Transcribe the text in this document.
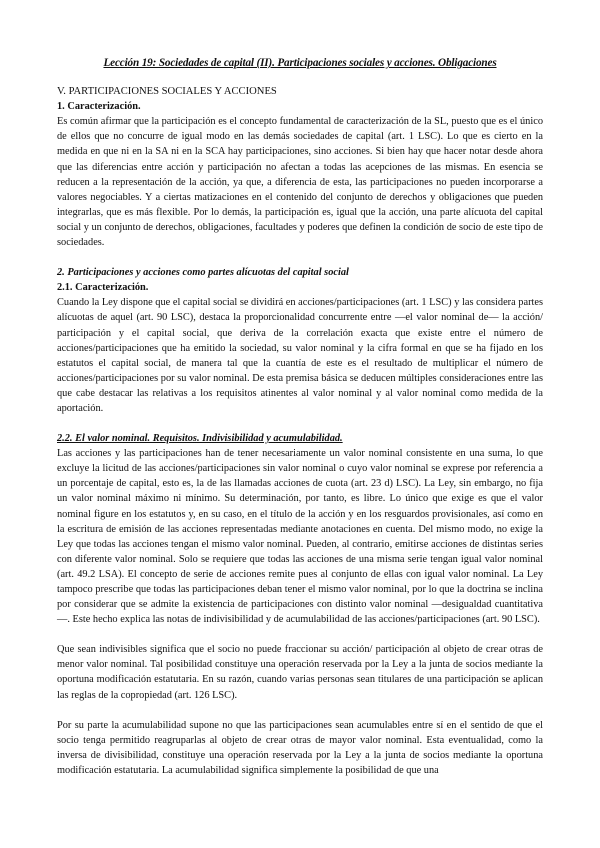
Lección 19: Sociedades de capital (II). Participaciones sociales y acciones. Obligaciones
V. PARTICIPACIONES SOCIALES Y ACCIONES
1. Caracterización.

Es común afirmar que la participación es el concepto fundamental de caracterización de la SL, puesto que es el único de ellos que no concurre de igual modo en las demás sociedades de capital (art. 1 LSC). Lo que es cierto en la medida en que ni en la SA ni en la SCA hay participaciones, sino acciones. Si bien hay que hacer notar desde ahora que las diferencias entre acción y participación no afectan a todas las acepciones de las mismas. En esencia se reducen a la representación de la acción, ya que, a diferencia de esta, las participaciones no pueden incorporarse a valores negociables. Y a ciertas matizaciones en el contenido del conjunto de derechos y obligaciones que pueden integrarlas, que es más flexible. Por lo demás, la participación es, igual que la acción, una parte alícuota del capital social y un conjunto de derechos, obligaciones, facultades y poderes que definen la condición de socio de este tipo de sociedades.

2. Participaciones y acciones como partes alícuotas del capital social
2.1. Caracterización.

Cuando la Ley dispone que el capital social se dividirá en acciones/participaciones (art. 1 LSC) y las considera partes alícuotas de aquel (art. 90 LSC), destaca la proporcionalidad concurrente entre —el valor nominal de— la acción/ participación y el capital social, que deriva de la correlación exacta que existe entre el número de acciones/participaciones que ha emitido la sociedad, su valor nominal y la cifra formal en que se ha fijado en los estatutos el capital social, de manera tal que la cuantía de este es el resultado de multiplicar el número de acciones/participaciones por su valor nominal. De esta premisa básica se deducen múltiples consideraciones entre las que cabe destacar las relativas a los requisitos atinentes al valor nominal y al valor nominal como medida de la aportación.

2.2. El valor nominal. Requisitos. Indivisibilidad y acumulabilidad.

Las acciones y las participaciones han de tener necesariamente un valor nominal consistente en una suma, lo que excluye la licitud de las acciones/participaciones sin valor nominal o cuyo valor nominal se exprese por referencia a un porcentaje de capital, esto es, la de las llamadas acciones de cuota (art. 23 d) LSC). La Ley, sin embargo, no fija un valor nominal máximo ni mínimo. Su determinación, por tanto, es libre. Lo único que exige es que el valor nominal figure en los estatutos y, en su caso, en el título de la acción y en los resguardos provisionales, así como en la escritura de emisión de las acciones representadas mediante anotaciones en cuenta. Del mismo modo, no exige la Ley que todas las acciones tengan el mismo valor nominal. Pueden, al contrario, emitirse acciones de distintas series con diferente valor nominal. Solo se requiere que todas las acciones de una misma serie tengan igual valor nominal (art. 49.2 LSA). El concepto de serie de acciones remite pues al conjunto de ellas con igual valor nominal. La Ley tampoco prescribe que todas las participaciones deban tener el mismo valor nominal, por lo que la doctrina se inclina por considerar que se admite la existencia de participaciones con distinto valor nominal —desigualdad cuantitativa—. Este hecho explica las notas de indivisibilidad y de acumulabilidad de las acciones/participaciones (art. 90 LSC).

Que sean indivisibles significa que el socio no puede fraccionar su acción/ participación al objeto de crear otras de menor valor nominal. Tal posibilidad constituye una operación reservada por la Ley a la junta de socios mediante la oportuna modificación estatutaria. En su razón, cuando varias personas sean titulares de una participación se aplican las reglas de la copropiedad (art. 126 LSC).

Por su parte la acumulabilidad supone no que las participaciones sean acumulables entre sí en el sentido de que el socio tenga permitido reagruparlas al objeto de crear otras de mayor valor nominal. Esta eventualidad, como la inversa de divisibilidad, constituye una operación reservada por la Ley a la junta de socios mediante la oportuna modificación estatutaria. La acumulabilidad significa simplemente la posibilidad de que una
